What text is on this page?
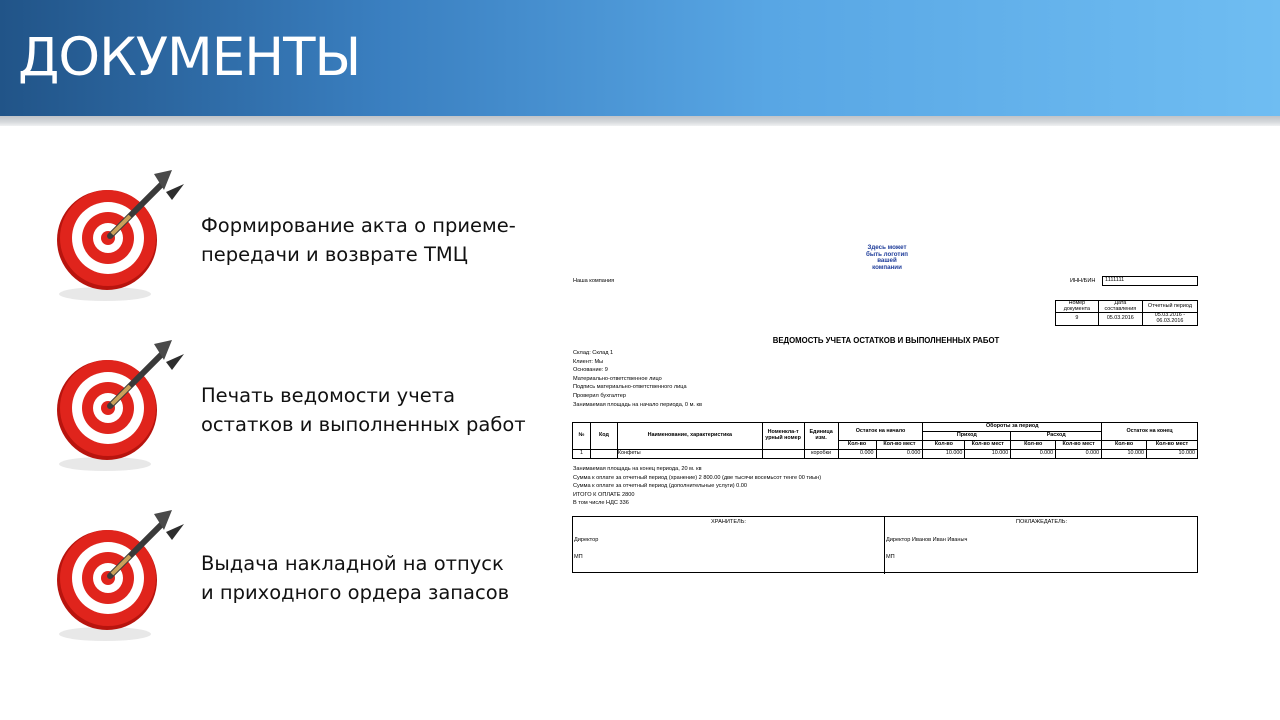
ДОКУМЕНТЫ
Формирование акта о приеме-
передачи и возврате ТМЦ
Печать ведомости учета
остатков и выполненных работ
Выдача накладной на отпуск
и приходного ордера запасов
Здесь может
быть логотип
вашей
компании
Наша компания	ИНН/БИН	1111111
Номер документа	Дата составления	Отчетный период
9	05.03.2016	05.03.2016 - 06.03.2016
ВЕДОМОСТЬ УЧЕТА ОСТАТКОВ И ВЫПОЛНЕННЫХ РАБОТ
Склад: Склад 1
Клиент: Мы
Основание: 9
Материально-ответственное лицо
Подпись материально-ответственного лица
Проверил бухгалтер
Занимаемая площадь на начало периода, 0 м. кв
№	Код	Наименование, характеристика	Номенкла-т урный номер	Единица изм.	Остаток на начало		Обороты за период				Остаток на конец	
							Приход		Расход			
					Кол-во	Кол-во мест	Кол-во	Кол-во мест	Кол-во	Кол-во мест	Кол-во	Кол-во мест
1		Конфеты		коробки	0.000	0.000	10.000	10.000	0.000	0.000	10.000	10.000
Занимаемая площадь на конец периода, 20 м. кв
Сумма к оплате за отчетный период (хранение) 2 800.00 (две тысячи восемьсот тенге 00 тиын)
Сумма к оплате за отчетный период (дополнительные услуги) 0.00
ИТОГО К ОПЛАТЕ 2800
В том числе НДС 336
ХРАНИТЕЛЬ:
Директор
МП
ПОКЛАЖЕДАТЕЛЬ:
Директор Иванов Иван Иваныч
МП
